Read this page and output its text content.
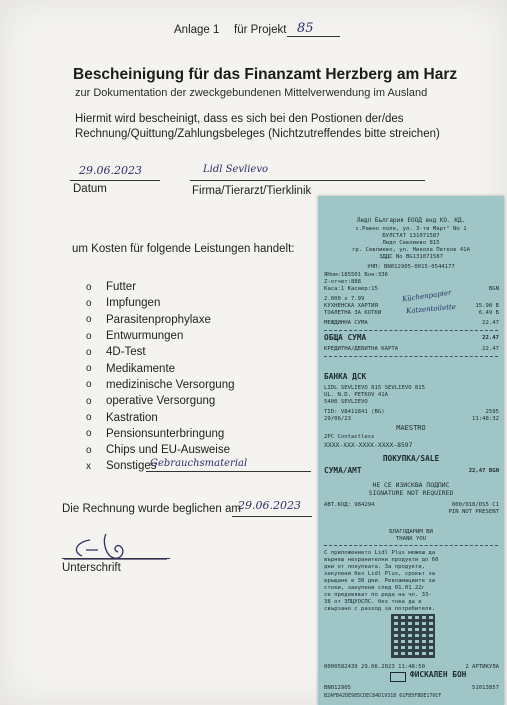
Anlage 1 für Projekt 85
Bescheinigung für das Finanzamt Herzberg am Harz
zur Dokumentation der zweckgebundenen Mittelverwendung im Ausland
Hiermit wird bescheinigt, dass es sich bei den Postionen der/des
Rechnung/Quittung/Zahlungsbeleges (Nichtzutreffendes bitte streichen)
29.06.2023
Datum
Lidl Sevlievo
Firma/Tierarzt/Tierklinik
um Kosten für folgende Leistungen handelt:
o Futter
o Impfungen
o Parasitenprophylaxe
o Entwurmungen
o 4D-Test
o Medikamente
o medizinische Versorgung
o operative Versorgung
o Kastration
o Pensionsunterbringung
o Chips und EU-Ausweise
x Sonstiges
Gebrauchsmaterial
Die Rechnung wurde beglichen am
29.06.2023
Unterschrift
Лидл България ЕООД енд КО. КД.
с.Равно поле, ул. 3-ти Март" No 1
БУЛСТАТ 131071587
Лидл Севлиево 815
гр. Севлиево, ул. Никола Петков 41А
ЗДДС No BG131071587
УНП: BN012905-0015-0544177
ЯНом:185501 Бон:336
Z-отчет:888
Каса:1 Касиер:15	BGN
2.000 x 7.99
КУХНЕНСКА ХАРТИЯ	15.98 Б
ТОАЛЕТНА ЗА КОТКИ	6.49 Б
Küchenpapier
Katzentoilette
МЕЖДИННА СУМА	22.47
ОБЩА СУМА	22.47
КРЕДИТНА/ДЕБИТНА КАРТА	22.47
БАНКА ДСК
LIDL SEVLIEVO 815 SEVLIEVO 815
UL. N.D. PETKOV 41A
5400 SEVLIEVO
TID: V8411841 (BG)	2595
29/06/23	11:48:32
MAESTRO
2PC Contactless
XXXX-XXX-XXXX-XXXX-8597
ПОКУПКА/SALE
СУМА/AMT	22,47 BGN
НЕ СЕ ИЗИСКВА ПОДПИС
SIGNATURE NOT REQUIRED
АВТ.КОД: 984294	000/018/DS5 C1
PIN NOT PRESENT
БЛАГОДАРИМ ВИ
THANK YOU
С приложението Lidl Plus можеш да
върнеш нехранителни продукти до 60
дни от покупката. За продукти,
закупени без Lidl Plus, срокът за
връщане е 30 дни. Рекламациите за
стоки, закупени след 01.01.22г
се предявяват по реда на чл. 33-
38 от ЗПЦУОСПС. без това да е
свързано с разход за потребителя.
0000582439 29.06.2023 11:48:50	2 АРТИКУЛА
ФИСКАЛЕН БОН
BN012905	51013857
B2AFB42DE985CDEC84D19318 61FB5FBDE170CF
